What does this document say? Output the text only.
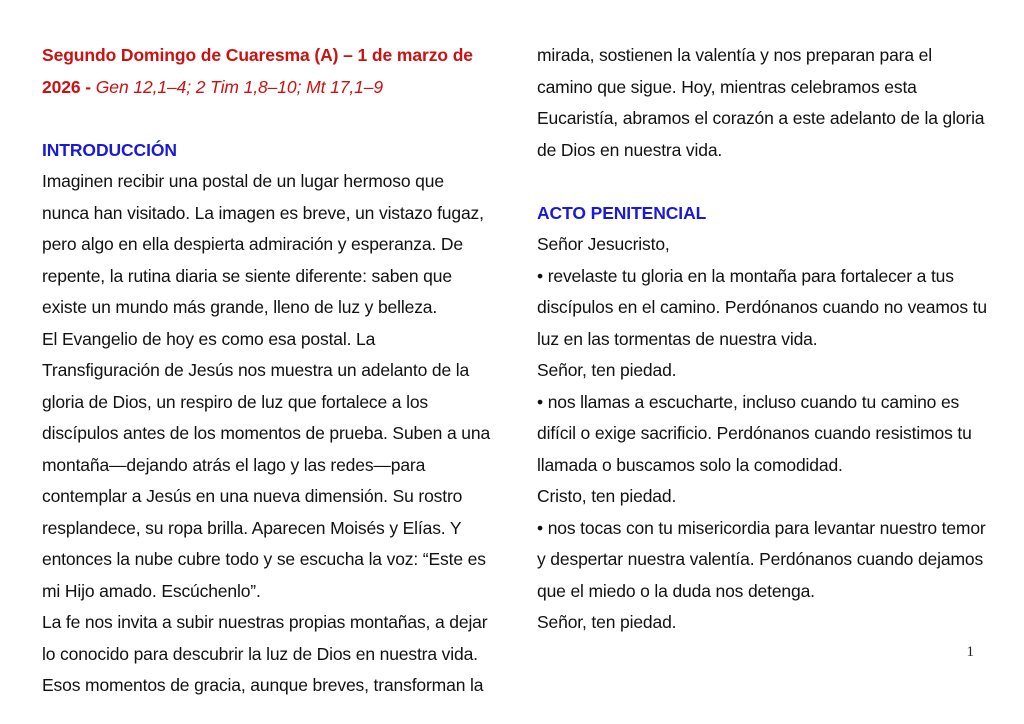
Segundo Domingo de Cuaresma (A) – 1 de marzo de 2026 - Gen 12,1–4; 2 Tim 1,8–10; Mt 17,1–9
INTRODUCCIÓN

Imaginen recibir una postal de un lugar hermoso que nunca han visitado. La imagen es breve, un vistazo fugaz, pero algo en ella despierta admiración y esperanza. De repente, la rutina diaria se siente diferente: saben que existe un mundo más grande, lleno de luz y belleza.

El Evangelio de hoy es como esa postal. La Transfiguración de Jesús nos muestra un adelanto de la gloria de Dios, un respiro de luz que fortalece a los discípulos antes de los momentos de prueba. Suben a una montaña—dejando atrás el lago y las redes—para contemplar a Jesús en una nueva dimensión. Su rostro resplandece, su ropa brilla. Aparecen Moisés y Elías. Y entonces la nube cubre todo y se escucha la voz: “Este es mi Hijo amado. Escúchenlo”.

La fe nos invita a subir nuestras propias montañas, a dejar lo conocido para descubrir la luz de Dios en nuestra vida. Esos momentos de gracia, aunque breves, transforman la

mirada, sostienen la valentía y nos preparan para el camino que sigue. Hoy, mientras celebramos esta Eucaristía, abramos el corazón a este adelanto de la gloria de Dios en nuestra vida.

ACTO PENITENCIAL

Señor Jesucristo,

• revelaste tu gloria en la montaña para fortalecer a tus discípulos en el camino. Perdónanos cuando no veamos tu luz en las tormentas de nuestra vida.

Señor, ten piedad.

• nos llamas a escucharte, incluso cuando tu camino es difícil o exige sacrificio. Perdónanos cuando resistimos tu llamada o buscamos solo la comodidad.

Cristo, ten piedad.

• nos tocas con tu misericordia para levantar nuestro temor y despertar nuestra valentía. Perdónanos cuando dejamos que el miedo o la duda nos detenga.

Señor, ten piedad.

1
